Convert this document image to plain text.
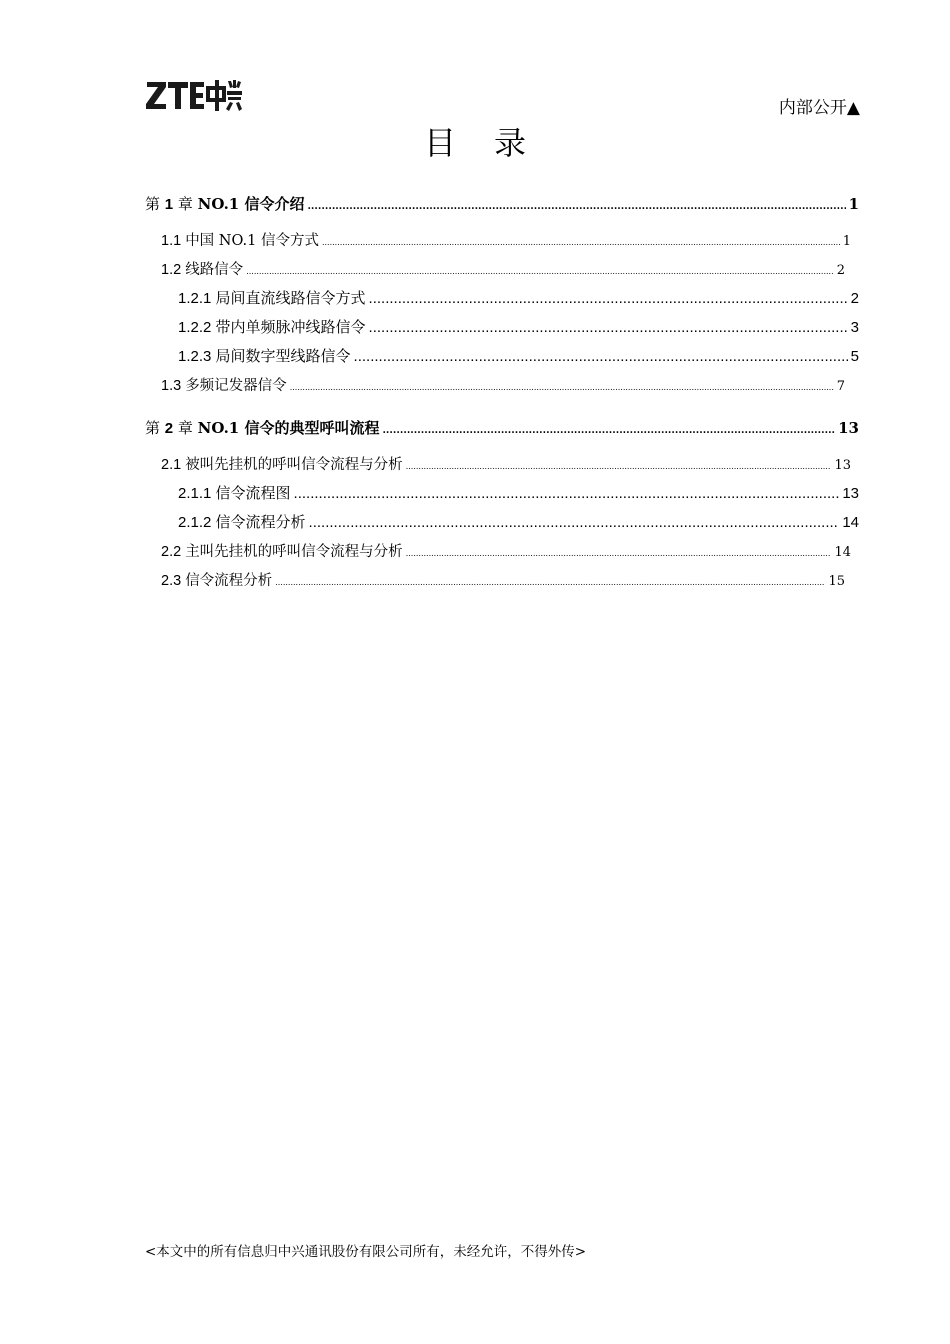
内部公开▲
目录
第 1 章 NO.1 信令介绍 .....	1
1.1 中国 NO.1 信令方式 .....	1
1.2 线路信令 .....	2
1.2.1 局间直流线路信令方式 .....	2
1.2.2 带内单频脉冲线路信令 .....	3
1.2.3 局间数字型线路信令 .....	5
1.3 多频记发器信令 .....	7
第 2 章 NO.1 信令的典型呼叫流程 .....	13
2.1 被叫先挂机的呼叫信令流程与分析 .....	13
2.1.1 信令流程图 .....	13
2.1.2 信令流程分析 .....	14
2.2 主叫先挂机的呼叫信令流程与分析 .....	14
2.3 信令流程分析 .....	15
<本文中的所有信息归中兴通讯股份有限公司所有，未经允许，不得外传>
